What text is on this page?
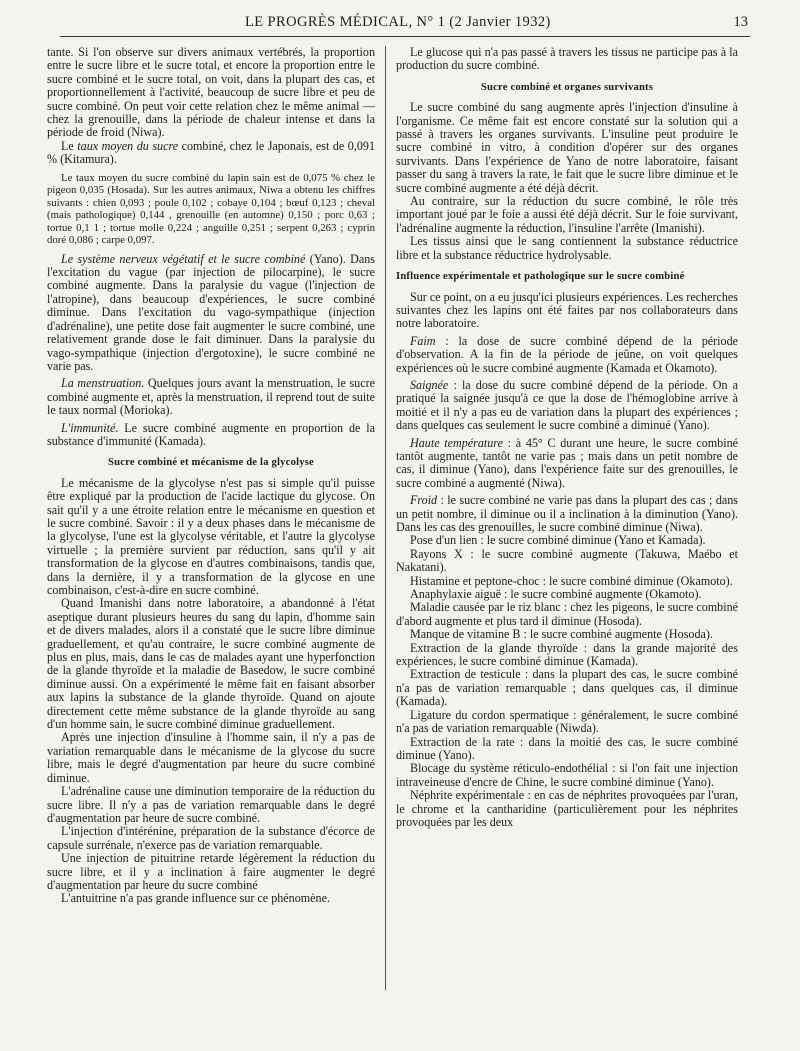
LE PROGRÈS MÉDICAL, N° 1 (2 Janvier 1932)	13

tante. Si l'on observe sur divers animaux vertébrés, la proportion entre le sucre libre et le sucre total, et encore la proportion entre le sucre combiné et le sucre total, on voit, dans la plupart des cas, et proportionnellement à l'activité, beaucoup de sucre libre et peu de sucre combiné. On peut voir cette relation chez le même animal — chez la grenouille, dans la période de chaleur intense et dans la période de froid (Niwa).

Le taux moyen du sucre combiné, chez le Japonais, est de 0,091 % (Kitamura).

Le taux moyen du sucre combiné du lapin sain est de 0,075 % chez le pigeon 0,035 (Hosada). Sur les autres animaux, Niwa a obtenu les chiffres suivants : chien 0,093 ; poule 0,102 ; cobaye 0,104 ; bœuf 0,123 ; cheval (mais pathologique) 0,144 , grenouille (en automne) 0,150 ; porc 0,63 ; tortue 0,1 1 ; tortue molle 0,224 ; anguille 0,251 ; serpent 0,263 ; cyprin doré 0,086 ; carpe 0,097.

Le système nerveux végétatif et le sucre combiné (Yano). Dans l'excitation du vague (par injection de pilocarpine), le sucre combiné augmente. Dans la paralysie du vague (l'injection de l'atropine), dans beaucoup d'expériences, le sucre combiné diminue. Dans l'excitation du vago-sympathique (injection d'adrénaline), une petite dose fait augmenter le sucre combiné, une relativement grande dose le fait diminuer. Dans la paralysie du vago-sympathique (injection d'ergotoxine), le sucre combiné ne varie pas.

La menstruation. Quelques jours avant la menstruation, le sucre combiné augmente et, après la menstruation, il reprend tout de suite le taux normal (Morioka).

L'immunité. Le sucre combiné augmente en proportion de la substance d'immunité (Kamada).

Sucre combiné et mécanisme de la glycolyse

Le mécanisme de la glycolyse n'est pas si simple qu'il puisse être expliqué par la production de l'acide lactique du glycose. On sait qu'il y a une étroite relation entre le mécanisme en question et le sucre combiné. Savoir : il y a deux phases dans le mécanisme de la glycolyse, l'une est la glycolyse véritable, et l'autre la glycolyse virtuelle ; la première survient par réduction, sans qu'il y ait transformation de la glycose en d'autres combinaisons, tandis que, dans la dernière, il y a transformation de la glycose en une combinaison, c'est-à-dire en sucre combiné.

Quand Imanishi dans notre laboratoire, a abandonné à l'état aseptique durant plusieurs heures du sang du lapin, d'homme sain et de divers malades, alors il a constaté que le sucre libre diminue graduellement, et qu'au contraire, le sucre combiné augmente de plus en plus, mais, dans le cas de malades ayant une hyperfonction de la glande thyroïde et la maladie de Basedow, le sucre combiné diminue aussi. On a expérimenté le même fait en faisant absorber aux lapins la substance de la glande thyroïde. Quand on ajoute directement cette même substance de la glande thyroïde au sang d'un homme sain, le sucre combiné diminue graduellement.

Après une injection d'insuline à l'homme sain, il n'y a pas de variation remarquable dans le mécanisme de la glycose du sucre libre, mais le degré d'augmentation par heure du sucre combiné diminue.

L'adrénaline cause une diminution temporaire de la réduction du sucre libre. Il n'y a pas de variation remarquable dans le degré d'augmentation par heure de sucre combiné.

L'injection d'intérénine, préparation de la substance d'écorce de capsule surrénale, n'exerce pas de variation remarquable.

Une injection de pituitrine retarde légèrement la réduction du sucre libre, et il y a inclination à faire augmenter le degré d'augmentation par heure du sucre combiné

L'antuitrine n'a pas grande influence sur ce phénomène.

Le glucose qui n'a pas passé à travers les tissus ne participe pas à la production du sucre combiné.

Sucre combiné et organes survivants

Le sucre combiné du sang augmente après l'injection d'insuline à l'organisme. Ce même fait est encore constaté sur la solution qui a passé à travers les organes survivants. L'insuline peut produire le sucre combiné in vitro, à condition d'opérer sur des organes survivants. Dans l'expérience de Yano de notre laboratoire, faisant passer du sang à travers la rate, le fait que le sucre libre diminue et le sucre combiné augmente a été déjà décrit.

Au contraire, sur la réduction du sucre combiné, le rôle très important joué par le foie a aussi été déjà décrit. Sur le foie survivant, l'adrénaline augmente la réduction, l'insuline l'arrête (Imanishi).

Les tissus ainsi que le sang contiennent la substance réductrice libre et la substance réductrice hydrolysable.

Influence expérimentale et pathologique sur le sucre combiné

Sur ce point, on a eu jusqu'ici plusieurs expériences. Les recherches suivantes chez les lapins ont été faites par nos collaborateurs dans notre laboratoire.

Faim : la dose de sucre combiné dépend de la période d'observation. A la fin de la période de jeûne, on voit quelques expériences où le sucre combiné augmente (Kamada et Okamoto).

Saignée : la dose du sucre combiné dépend de la période. On a pratiqué la saignée jusqu'à ce que la dose de l'hémoglobine arrive à moitié et il n'y a pas eu de variation dans la plupart des expériences ; dans quelques cas seulement le sucre combiné a diminué (Yano).

Haute température : à 45° C durant une heure, le sucre combiné tantôt augmente, tantôt ne varie pas ; mais dans un petit nombre de cas, il diminue (Yano), dans l'expérience faite sur des grenouilles, le sucre combiné a augmenté (Niwa).

Froid : le sucre combiné ne varie pas dans la plupart des cas ; dans un petit nombre, il diminue ou il a inclination à la diminution (Yano). Dans les cas des grenouilles, le sucre combiné diminue (Niwa).

Pose d'un lien : le sucre combiné diminue (Yano et Kamada).

Rayons X : le sucre combiné augmente (Takuwa, Maébo et Nakatani).

Histamine et peptone-choc : le sucre combiné diminue (Okamoto).

Anaphylaxie aiguë : le sucre combiné augmente (Okamoto).

Maladie causée par le riz blanc : chez les pigeons, le sucre combiné d'abord augmente et plus tard il diminue (Hosoda).

Manque de vitamine B : le sucre combiné augmente (Hosoda).

Extraction de la glande thyroïde : dans la grande majorité des expériences, le sucre combiné diminue (Kamada).

Extraction de testicule : dans la plupart des cas, le sucre combiné n'a pas de variation remarquable ; dans quelques cas, il diminue (Kamada).

Ligature du cordon spermatique : généralement, le sucre combiné n'a pas de variation remarquable (Niwda).

Extraction de la rate : dans la moitié des cas, le sucre combiné diminue (Yano).

Blocage du système réticulo-endothélial : si l'on fait une injection intraveineuse d'encre de Chine, le sucre combiné diminue (Yano).

Néphrite expérimentale : en cas de néphrites provoquées par l'uran, le chrome et la cantharidine (particulièrement pour les néphrites provoquées par les deux
